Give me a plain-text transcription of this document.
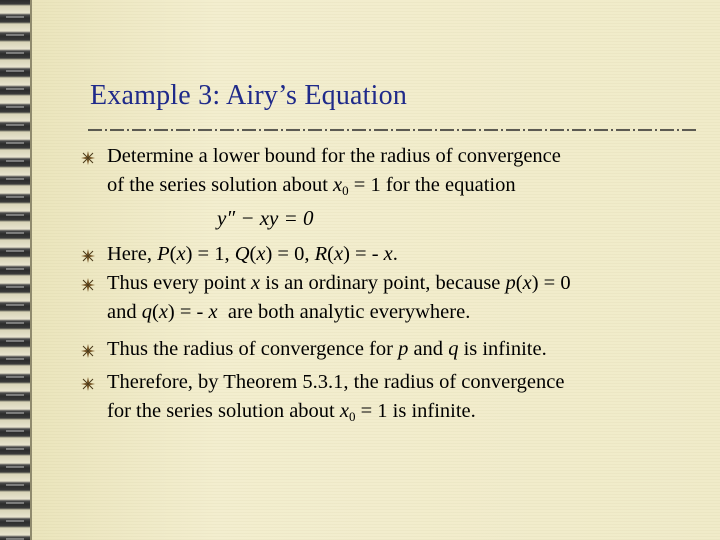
Example 3: Airy’s Equation
Determine a lower bound for the radius of convergence
of the series solution about $x_0 = 1$ for the equation
y″ − xy = 0
Here, P(x) = 1, Q(x) = 0, R(x) = - x.
Thus every point x is an ordinary point, because p(x) = 0
and q(x) = - x  are both analytic everywhere.
Thus the radius of convergence for p and q is infinite.
Therefore, by Theorem 5.3.1, the radius of convergence
for the series solution about $x_0 = 1$ is infinite.
